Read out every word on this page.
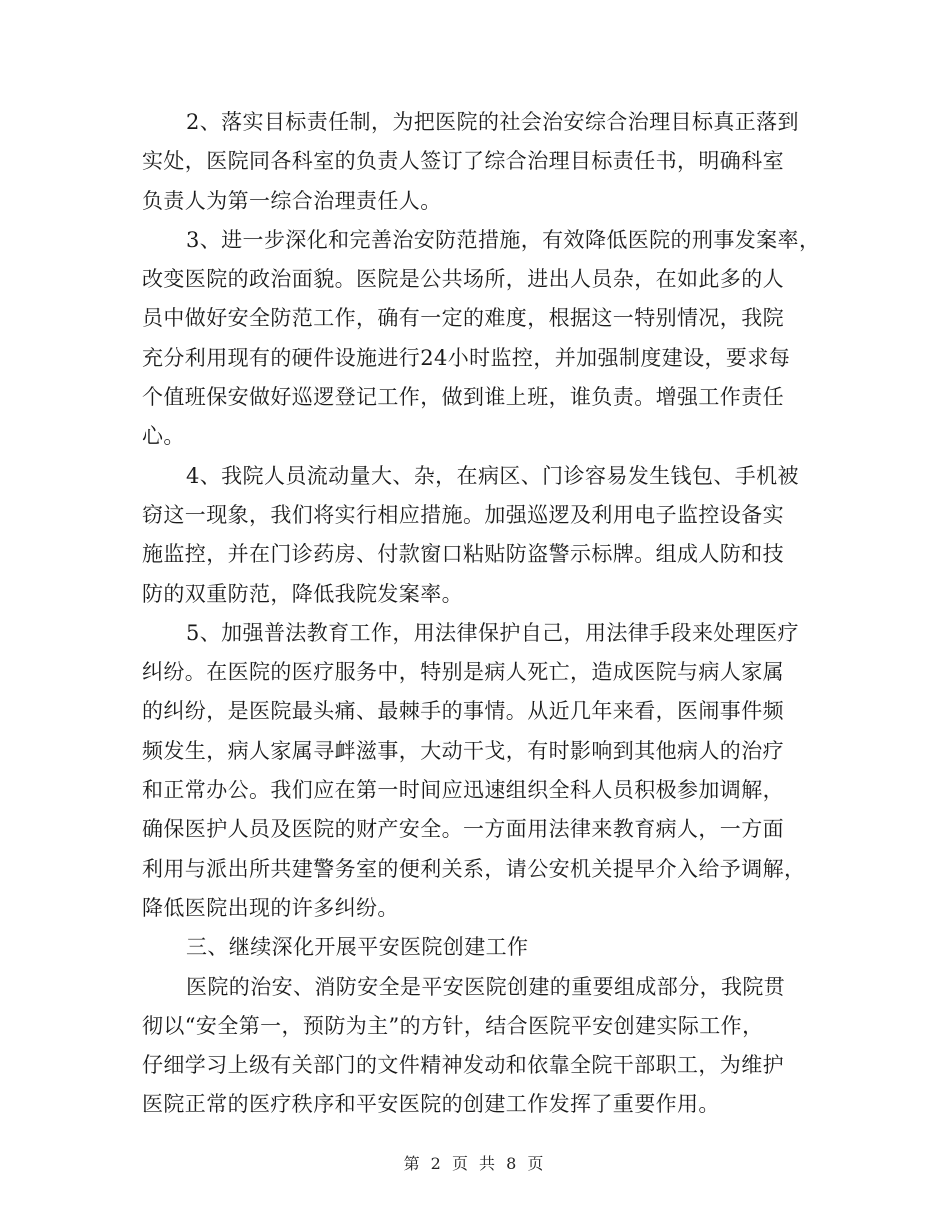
2、落实目标责任制，为把医院的社会治安综合治理目标真正落到
实处，医院同各科室的负责人签订了综合治理目标责任书，明确科室
负责人为第一综合治理责任人。
3、进一步深化和完善治安防范措施，有效降低医院的刑事发案率，
改变医院的政治面貌。医院是公共场所，进出人员杂，在如此多的人
员中做好安全防范工作，确有一定的难度，根据这一特别情况，我院
充分利用现有的硬件设施进行24小时监控，并加强制度建设，要求每
个值班保安做好巡逻登记工作，做到谁上班，谁负责。增强工作责任
心。
4、我院人员流动量大、杂，在病区、门诊容易发生钱包、手机被
窃这一现象，我们将实行相应措施。加强巡逻及利用电子监控设备实
施监控，并在门诊药房、付款窗口粘贴防盗警示标牌。组成人防和技
防的双重防范，降低我院发案率。
5、加强普法教育工作，用法律保护自己，用法律手段来处理医疗
纠纷。在医院的医疗服务中，特别是病人死亡，造成医院与病人家属
的纠纷，是医院最头痛、最棘手的事情。从近几年来看，医闹事件频
频发生，病人家属寻衅滋事，大动干戈，有时影响到其他病人的治疗
和正常办公。我们应在第一时间应迅速组织全科人员积极参加调解，
确保医护人员及医院的财产安全。一方面用法律来教育病人，一方面
利用与派出所共建警务室的便利关系，请公安机关提早介入给予调解，
降低医院出现的许多纠纷。
三、继续深化开展平安医院创建工作
医院的治安、消防安全是平安医院创建的重要组成部分，我院贯
彻以“安全第一，预防为主”的方针，结合医院平安创建实际工作，
仔细学习上级有关部门的文件精神发动和依靠全院干部职工，为维护
医院正常的医疗秩序和平安医院的创建工作发挥了重要作用。
第 2 页 共 8 页
